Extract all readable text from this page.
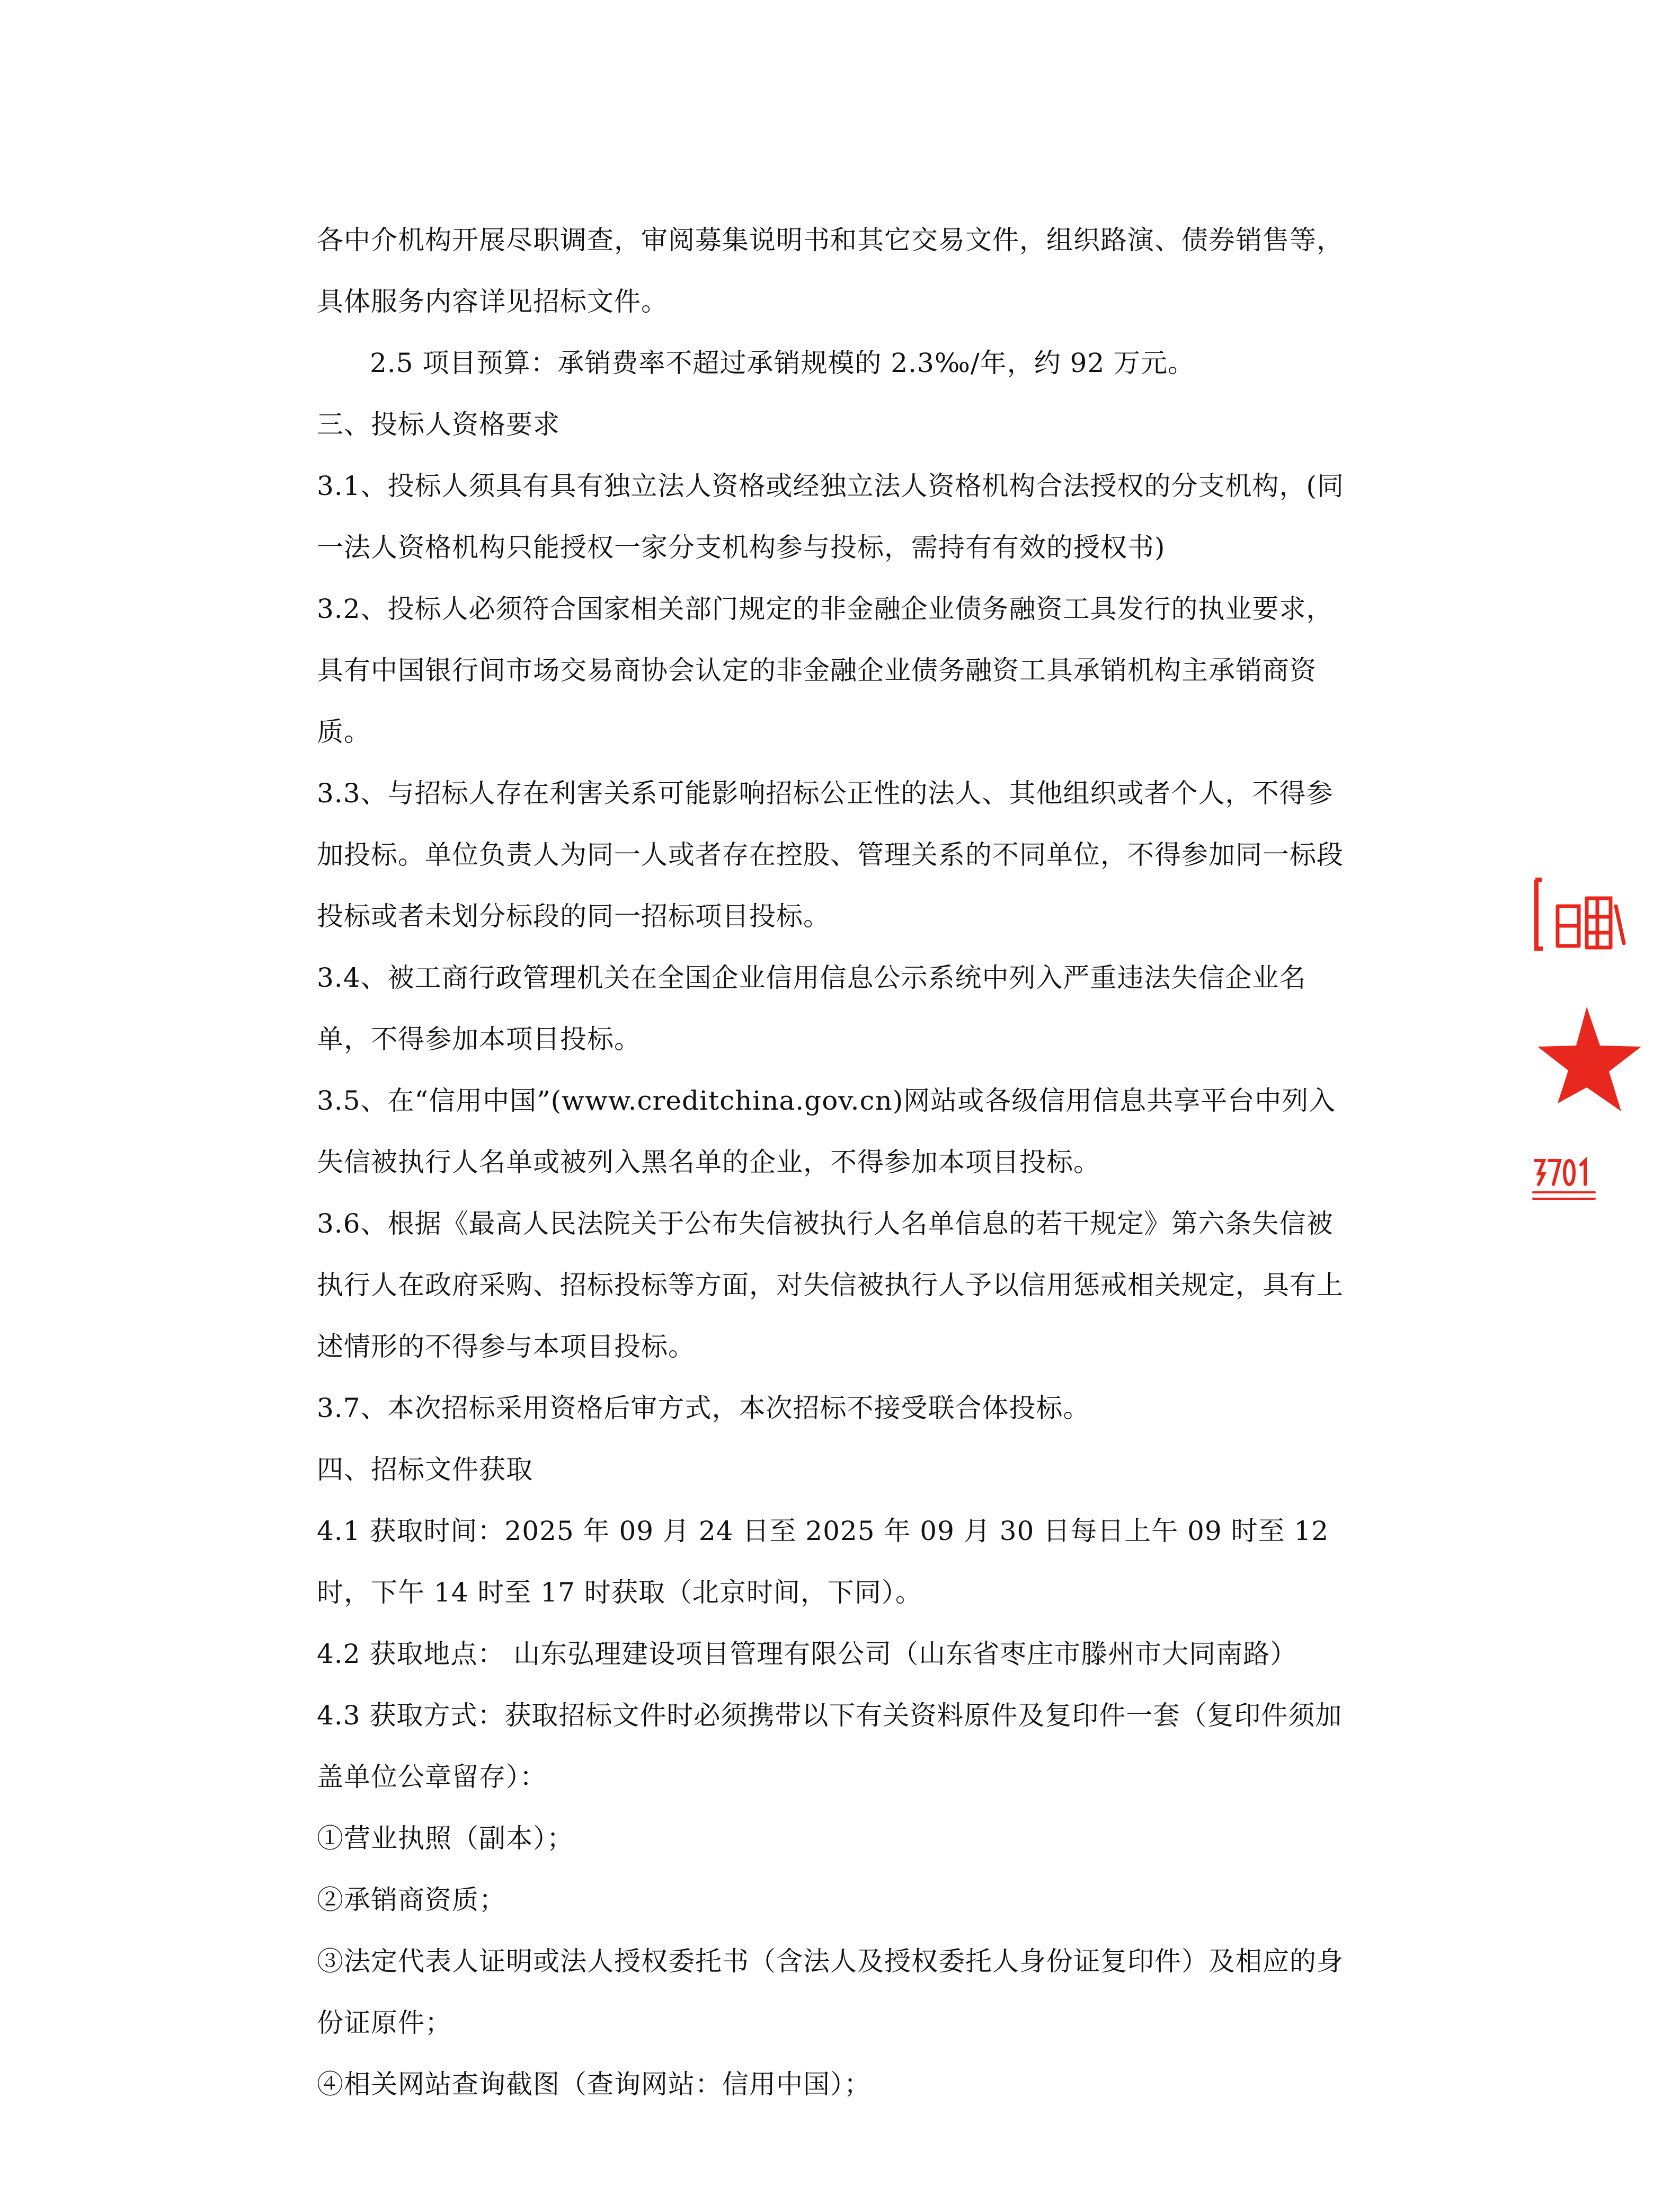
各中介机构开展尽职调查，审阅募集说明书和其它交易文件，组织路演、债券销售等，具体服务内容详见招标文件。

2.5 项目预算：承销费率不超过承销规模的 2.3‰/年，约 92 万元。

三、投标人资格要求

3.1、投标人须具有具有独立法人资格或经独立法人资格机构合法授权的分支机构，(同一法人资格机构只能授权一家分支机构参与投标，需持有有效的授权书)

3.2、投标人必须符合国家相关部门规定的非金融企业债务融资工具发行的执业要求，具有中国银行间市场交易商协会认定的非金融企业债务融资工具承销机构主承销商资质。

3.3、与招标人存在利害关系可能影响招标公正性的法人、其他组织或者个人，不得参加投标。单位负责人为同一人或者存在控股、管理关系的不同单位，不得参加同一标段投标或者未划分标段的同一招标项目投标。

3.4、被工商行政管理机关在全国企业信用信息公示系统中列入严重违法失信企业名单，不得参加本项目投标。

3.5、在“信用中国”(www.creditchina.gov.cn)网站或各级信用信息共享平台中列入失信被执行人名单或被列入黑名单的企业，不得参加本项目投标。

3.6、根据《最高人民法院关于公布失信被执行人名单信息的若干规定》第六条失信被执行人在政府采购、招标投标等方面，对失信被执行人予以信用惩戒相关规定，具有上述情形的不得参与本项目投标。

3.7、本次招标采用资格后审方式，本次招标不接受联合体投标。

四、招标文件获取

4.1 获取时间：2025 年 09 月 24 日至 2025 年 09 月 30 日每日上午 09 时至 12 时，下午 14 时至 17 时获取（北京时间，下同）。

4.2 获取地点： 山东弘理建设项目管理有限公司（山东省枣庄市滕州市大同南路）

4.3 获取方式：获取招标文件时必须携带以下有关资料原件及复印件一套（复印件须加盖单位公章留存）：

①营业执照（副本）；

②承销商资质；

③法定代表人证明或法人授权委托书（含法人及授权委托人身份证复印件）及相应的身份证原件；

④相关网站查询截图（查询网站：信用中国）；
